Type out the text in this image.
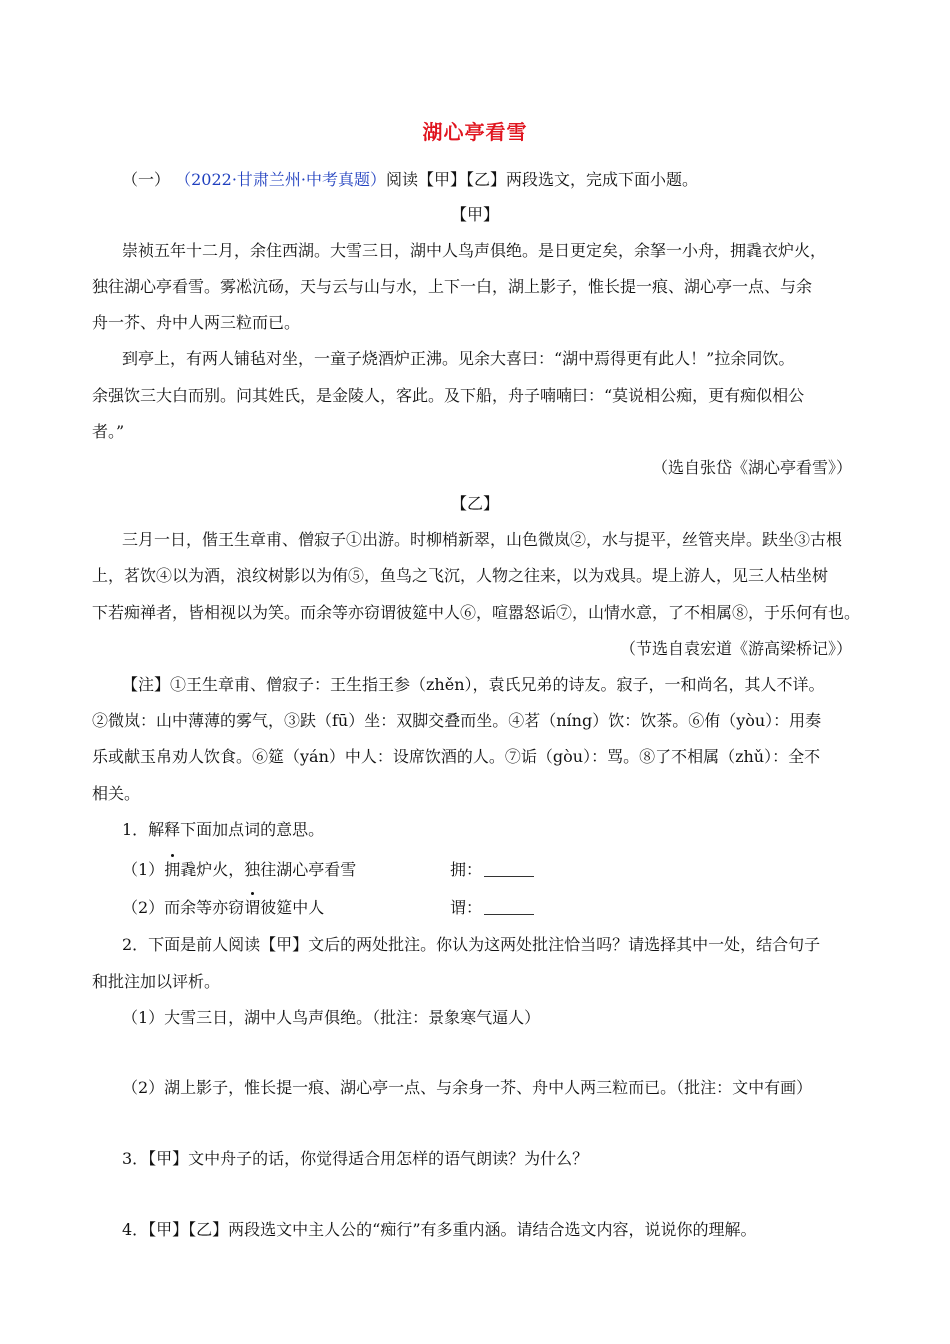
湖心亭看雪
（一） （2022·甘肃兰州·中考真题）阅读【甲】【乙】两段选文，完成下面小题。
【甲】
崇祯五年十二月，余住西湖。大雪三日，湖中人鸟声俱绝。是日更定矣，余拏一小舟，拥毳衣炉火，
独往湖心亭看雪。雾凇沆砀，天与云与山与水，上下一白，湖上影子，惟长提一痕、湖心亭一点、与余
舟一芥、舟中人两三粒而已。
到亭上，有两人铺毡对坐，一童子烧酒炉正沸。见余大喜曰：“湖中焉得更有此人！”拉余同饮。
余强饮三大白而别。问其姓氏，是金陵人，客此。及下船，舟子喃喃曰：“莫说相公痴，更有痴似相公
者。”
（选自张岱《湖心亭看雪》）
【乙】
三月一日，偕王生章甫、僧寂子①出游。时柳梢新翠，山色微岚②，水与提平，丝管夹岸。趺坐③古根
上，茗饮④以为酒，浪纹树影以为侑⑤，鱼鸟之飞沉，人物之往来，以为戏具。堤上游人，见三人枯坐树
下若痴禅者，皆相视以为笑。而余等亦窃谓彼筵中人⑥，喧嚣怒诟⑦，山情水意，了不相属⑧，于乐何有也。
（节选自袁宏道《游高梁桥记》）
【注】①王生章甫、僧寂子：王生指王参（zhěn），袁氏兄弟的诗友。寂子，一和尚名，其人不详。
②微岚：山中薄薄的雾气，③趺（fū）坐：双脚交叠而坐。④茗（níng）饮：饮茶。⑥侑（yòu）：用奏
乐或献玉帛劝人饮食。⑥筵（yán）中人：设席饮酒的人。⑦诟（gòu）：骂。⑧了不相属（zhǔ）：全不
相关。
1．解释下面加点词的意思。
（1）拥毳炉火，独往湖心亭看雪	拥：
（2）而余等亦窃谓彼筵中人	谓：
2．下面是前人阅读【甲】文后的两处批注。你认为这两处批注恰当吗？请选择其中一处，结合句子
和批注加以评析。
（1）大雪三日，湖中人鸟声俱绝。（批注：景象寒气逼人）
（2）湖上影子，惟长提一痕、湖心亭一点、与余身一芥、舟中人两三粒而已。（批注：文中有画）
3．【甲】文中舟子的话，你觉得适合用怎样的语气朗读？为什么？
4．【甲】【乙】两段选文中主人公的“痴行”有多重内涵。请结合选文内容，说说你的理解。
